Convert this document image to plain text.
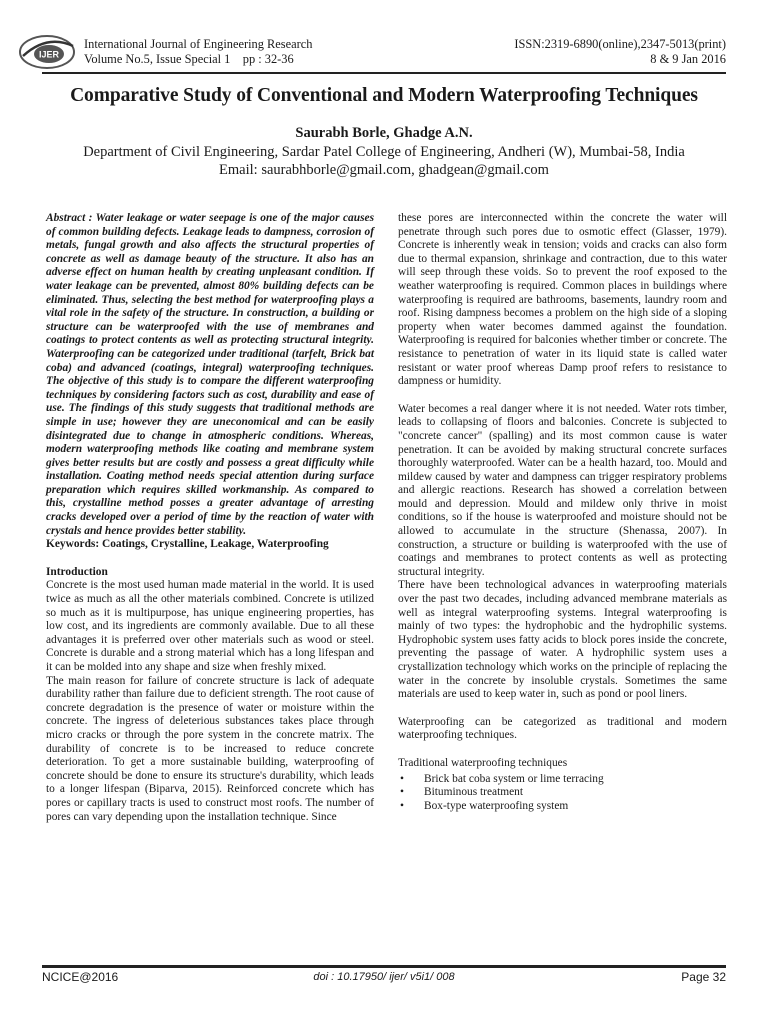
IJER
International Journal of Engineering Research
Volume No.5, Issue Special 1    pp : 32-36
ISSN:2319-6890(online),2347-5013(print)
8 & 9 Jan 2016
Comparative Study of Conventional and Modern Waterproofing Techniques
Saurabh Borle, Ghadge A.N.
Department of Civil Engineering, Sardar Patel College of Engineering, Andheri (W), Mumbai-58, India
Email: saurabhborle@gmail.com, ghadgean@gmail.com

Abstract : Water leakage or water seepage is one of the major causes of common building defects. Leakage leads to dampness, corrosion of metals, fungal growth and also affects the structural properties of concrete as well as damage beauty of the structure. It also has an adverse effect on human health by creating unpleasant condition. If water leakage can be prevented, almost 80% building defects can be eliminated. Thus, selecting the best method for waterproofing plays a vital role in the safety of the structure. In construction, a building or structure can be waterproofed with the use of membranes and coatings to protect contents as well as protecting structural integrity. Waterproofing can be categorized under traditional (tarfelt, Brick bat coba) and advanced (coatings, integral) waterproofing techniques. The objective of this study is to compare the different waterproofing techniques by considering factors such as cost, durability and ease of use. The findings of this study suggests that traditional methods are simple in use; however they are uneconomical and can be easily disintegrated due to change in atmospheric conditions. Whereas, modern waterproofing methods like coating and membrane system gives better results but are costly and possess a great difficulty while installation. Coating method needs special attention during surface preparation which requires skilled workmanship. As compared to this, crystalline method posses a greater advantage of arresting cracks developed over a period of time by the reaction of water with crystals and hence provides better stability.

Keywords: Coatings, Crystalline, Leakage, Waterproofing

Introduction

Concrete is the most used human made material in the world. It is used twice as much as all the other materials combined. Concrete is utilized so much as it is multipurpose, has unique engineering properties, has low cost, and its ingredients are commonly available. Due to all these advantages it is preferred over other materials such as wood or steel. Concrete is durable and a strong material which has a long lifespan and it can be molded into any shape and size when freshly mixed.

The main reason for failure of concrete structure is lack of adequate durability rather than failure due to deficient strength. The root cause of concrete degradation is the presence of water or moisture within the concrete. The ingress of deleterious substances takes place through micro cracks or through the pore system in the concrete matrix. The durability of concrete is to be increased to reduce concrete deterioration. To get a more sustainable building, waterproofing of concrete should be done to ensure its structure's durability, which leads to a longer lifespan (Biparva, 2015). Reinforced concrete which has pores or capillary tracts is used to construct most roofs. The number of pores can vary depending upon the installation technique. Since

these pores are interconnected within the concrete the water will penetrate through such pores due to osmotic effect (Glasser, 1979). Concrete is inherently weak in tension; voids and cracks can also form due to thermal expansion, shrinkage and contraction, due to this water will seep through these voids. So to prevent the roof exposed to the weather waterproofing is required. Common places in buildings where waterproofing is required are bathrooms, basements, laundry room and roof. Rising dampness becomes a problem on the high side of a sloping property when water becomes dammed against the foundation. Waterproofing is required for balconies whether timber or concrete. The resistance to penetration of water in its liquid state is called water resistant or water proof whereas Damp proof refers to resistance to dampness or humidity.

Water becomes a real danger where it is not needed. Water rots timber, leads to collapsing of floors and balconies. Concrete is subjected to "concrete cancer" (spalling) and its most common cause is water penetration. It can be avoided by making structural concrete surfaces thoroughly waterproofed. Water can be a health hazard, too. Mould and mildew caused by water and dampness can trigger respiratory problems and allergic reactions. Research has showed a correlation between mould and depression. Mould and mildew only thrive in moist conditions, so if the house is waterproofed and moisture should not be allowed to accumulate in the structure (Shenassa, 2007). In construction, a structure or building is waterproofed with the use of coatings and membranes to protect contents as well as protecting structural integrity.

There have been technological advances in waterproofing materials over the past two decades, including advanced membrane materials as well as integral waterproofing systems. Integral waterproofing is mainly of two types: the hydrophobic and the hydrophilic systems. Hydrophobic system uses fatty acids to block pores inside the concrete, preventing the passage of water. A hydrophilic system uses a crystallization technology which works on the principle of replacing the water in the concrete by insoluble crystals. Sometimes the same materials are used to keep water in, such as pond or pool liners.

Waterproofing can be categorized as traditional and modern waterproofing techniques.

Traditional waterproofing techniques

• Brick bat coba system or lime terracing
• Bituminous treatment
• Box-type waterproofing system
NCICE@2016	doi : 10.17950/ ijer/ v5i1/ 008	Page 32
